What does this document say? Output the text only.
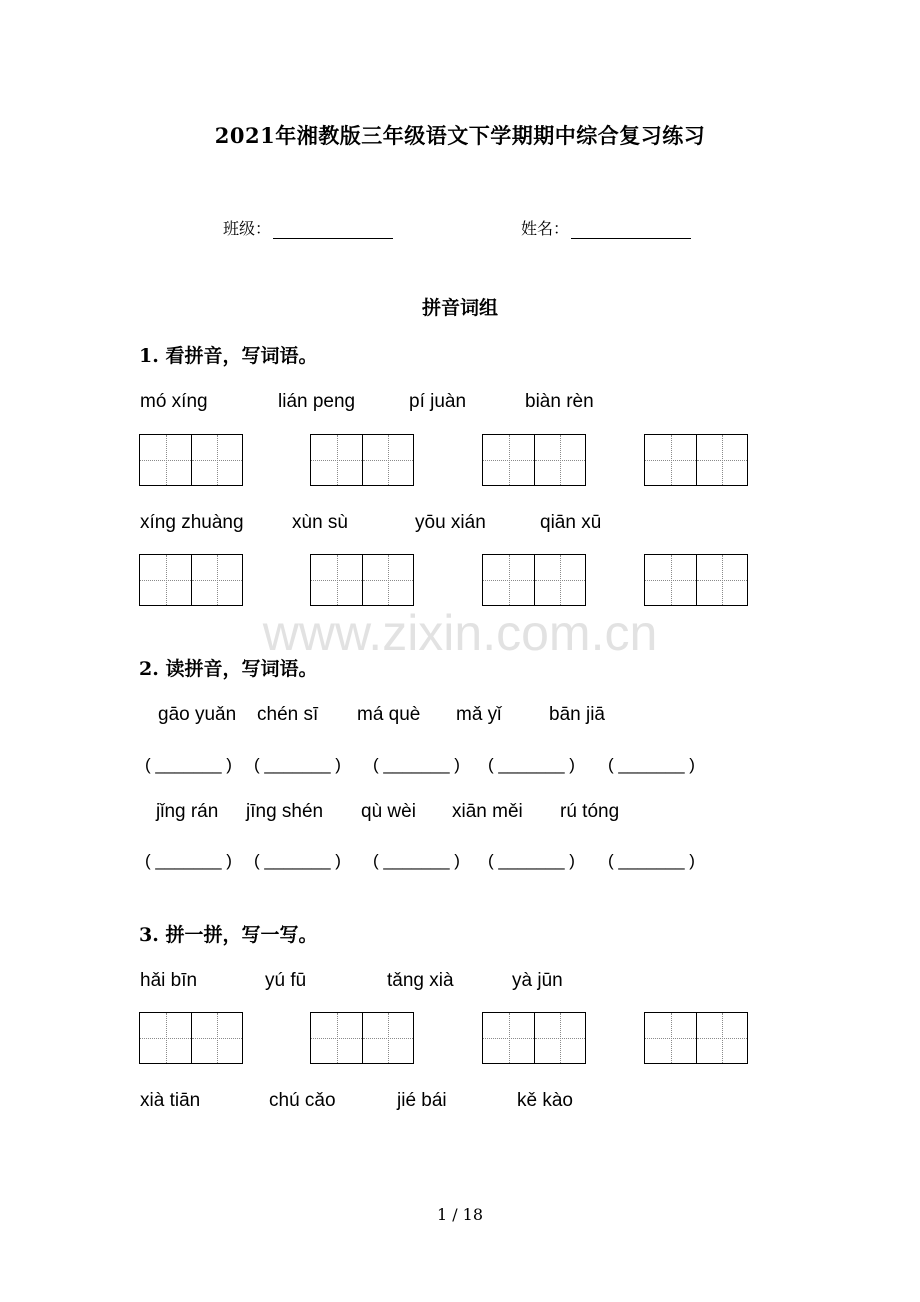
2021年湘教版三年级语文下学期期中综合复习练习
班级：	姓名：
拼音词组
1. 看拼音，写词语。
mó xíng	lián peng	pí juàn	biàn rèn
xíng zhuàng	xùn sù	yōu xián	qiān xū
www.zixin.com.cn
2. 读拼音，写词语。
gāo yuǎn chén sī má què mǎ yǐ	bān jiā
( _______ ) ( _______ ) ( _______ ) ( _______ ) ( _______ )
jǐng rán jīng shén qù wèi xiān měi rú tóng
( _______ ) ( _______ ) ( _______ ) ( _______ ) ( _______ )
3. 拼一拼，写一写。
hǎi bīn	yú fū	tǎng xià	yà jūn
xià tiān	chú cǎo	jié bái	kě kào
1 / 18
